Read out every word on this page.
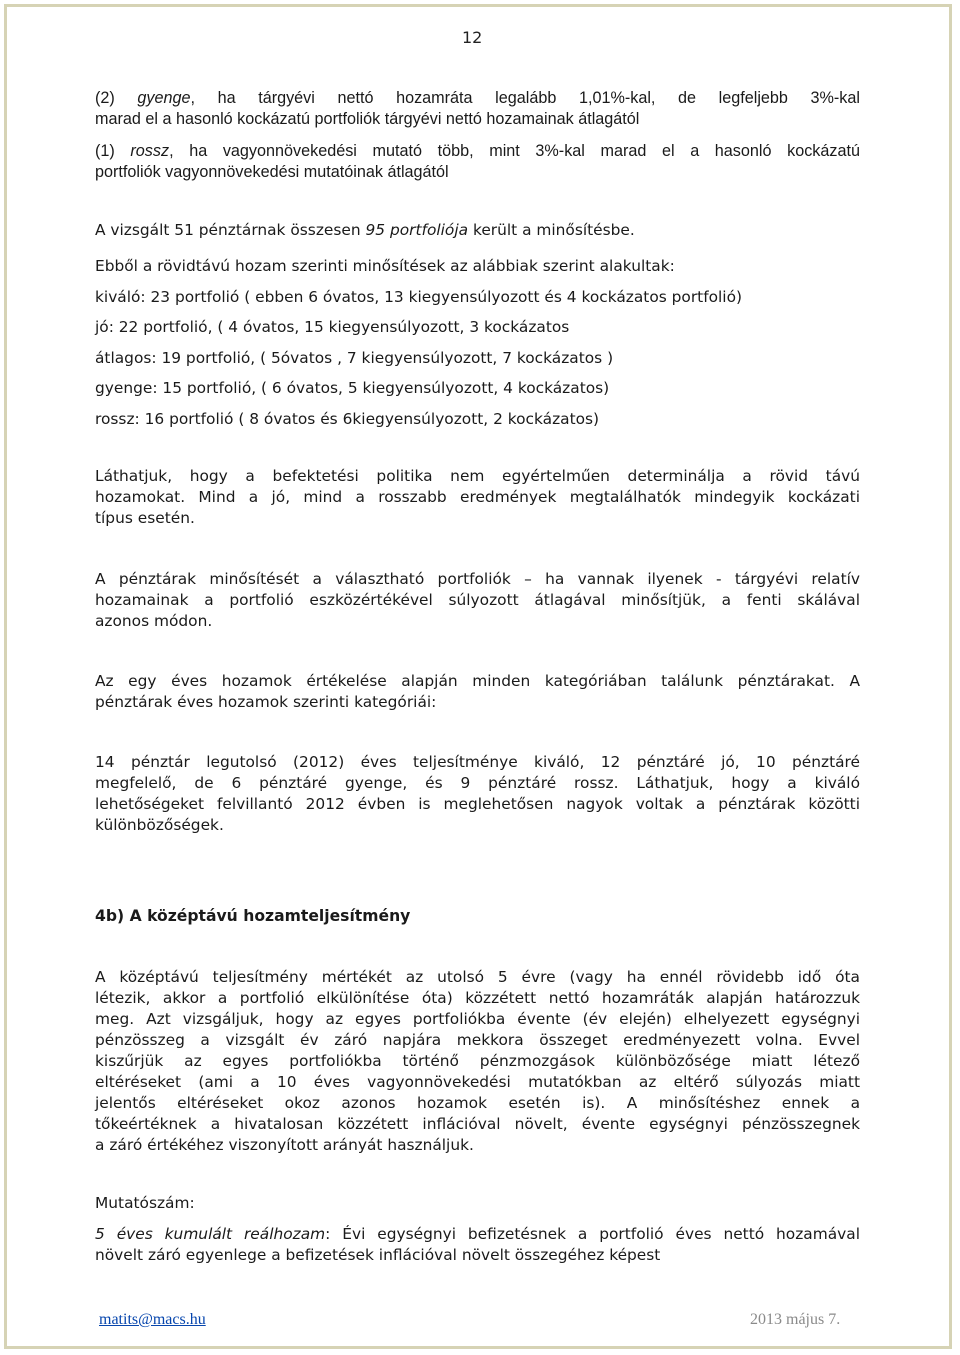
12
(2) gyenge, ha tárgyévi nettó hozamráta legalább 1,01%-kal, de legfeljebb 3%-kal
marad el a hasonló kockázatú portfoliók tárgyévi nettó hozamainak átlagától
(1) rossz, ha vagyonnövekedési mutató több, mint 3%-kal marad el a hasonló kockázatú
portfoliók vagyonnövekedési mutatóinak átlagától
A vizsgált 51 pénztárnak összesen 95 portfoliója került a minősítésbe.
Ebből a rövidtávú hozam szerinti minősítések az alábbiak szerint alakultak:
kiváló: 23 portfolió ( ebben 6 óvatos, 13 kiegyensúlyozott és 4 kockázatos portfolió)
jó: 22 portfolió, ( 4 óvatos, 15 kiegyensúlyozott, 3 kockázatos
átlagos: 19 portfolió, ( 5óvatos , 7 kiegyensúlyozott, 7 kockázatos )
gyenge: 15 portfolió, ( 6 óvatos, 5 kiegyensúlyozott, 4 kockázatos)
rossz: 16 portfolió ( 8 óvatos és 6kiegyensúlyozott, 2 kockázatos)
Láthatjuk, hogy a befektetési politika nem egyértelműen determinálja a rövid távú
hozamokat. Mind a jó, mind a rosszabb eredmények megtalálhatók mindegyik kockázati
típus esetén.
A pénztárak minősítését a választható portfoliók – ha vannak ilyenek - tárgyévi relatív
hozamainak a portfolió eszközértékével súlyozott átlagával minősítjük, a fenti skálával
azonos módon.
Az egy éves hozamok értékelése alapján minden kategóriában találunk pénztárakat. A
pénztárak éves hozamok szerinti kategóriái:
14 pénztár legutolsó (2012) éves teljesítménye kiváló, 12 pénztáré jó, 10 pénztáré
megfelelő, de 6 pénztáré gyenge, és 9 pénztáré rossz. Láthatjuk, hogy a kiváló
lehetőségeket felvillantó 2012 évben is meglehetősen nagyok voltak a pénztárak közötti
különbözőségek.
4b) A középtávú hozamteljesítmény
A középtávú teljesítmény mértékét az utolsó 5 évre (vagy ha ennél rövidebb idő óta
létezik, akkor a portfolió elkülönítése óta) közzétett nettó hozamráták alapján határozzuk
meg. Azt vizsgáljuk, hogy az egyes portfoliókba évente (év elején) elhelyezett egységnyi
pénzösszeg a vizsgált év záró napjára mekkora összeget eredményezett volna. Evvel
kiszűrjük az egyes portfoliókba történő pénzmozgások különbözősége miatt létező
eltéréseket (ami a 10 éves vagyonnövekedési mutatókban az eltérő súlyozás miatt
jelentős eltéréseket okoz azonos hozamok esetén is). A minősítéshez ennek a
tőkeértéknek a hivatalosan közzétett inflációval növelt, évente egységnyi pénzösszegnek
a záró értékéhez viszonyított arányát használjuk.
Mutatószám:
5 éves kumulált reálhozam: Évi egységnyi befizetésnek a portfolió éves nettó hozamával
növelt záró egyenlege a befizetések inflációval növelt összegéhez képest
matits@macs.hu	2013 május 7.
